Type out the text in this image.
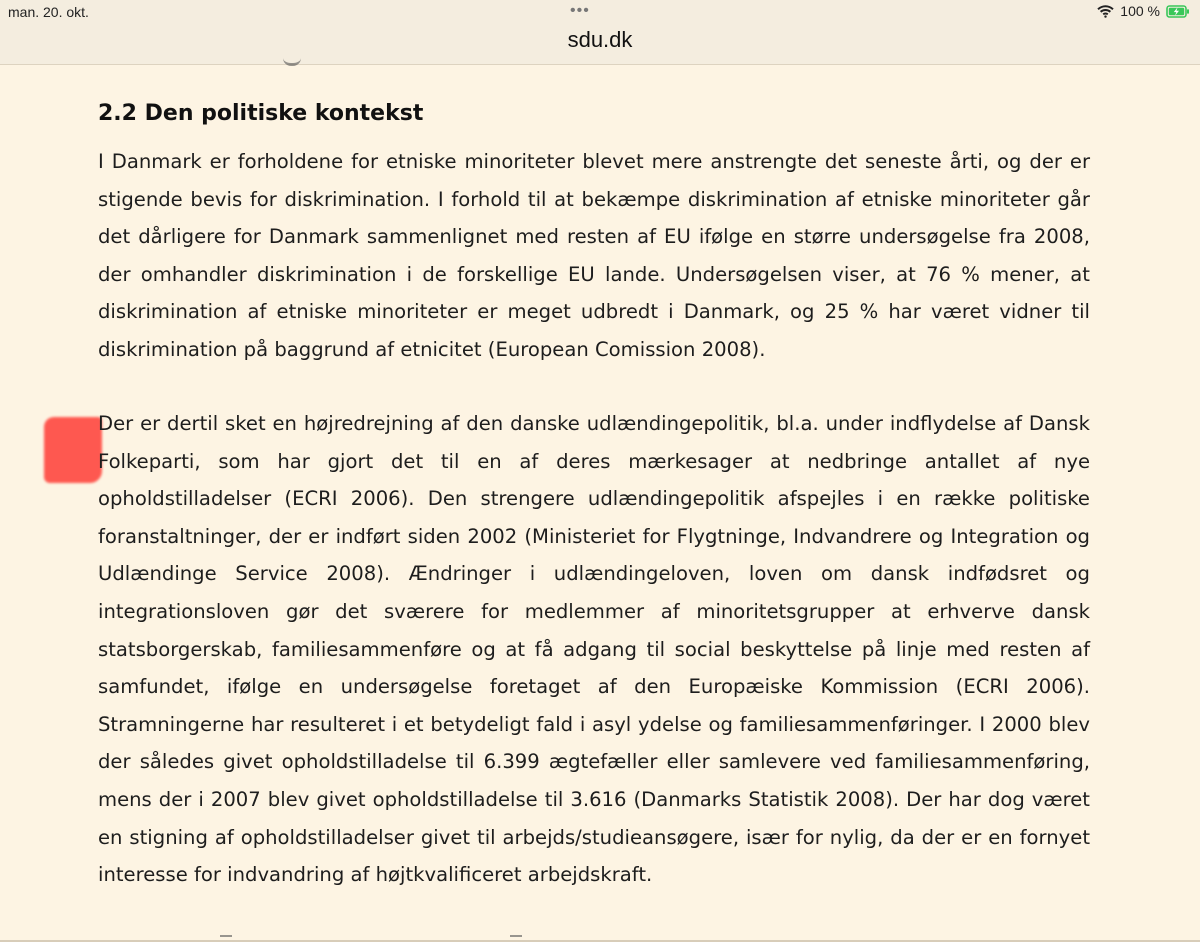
man. 20. okt.	•••	100 %
sdu.dk
2.2 Den politiske kontekst

I Danmark er forholdene for etniske minoriteter blevet mere anstrengte det seneste årti, og der er stigende bevis for diskrimination. I forhold til at bekæmpe diskrimination af etniske minoriteter går det dårligere for Danmark sammenlignet med resten af EU ifølge en større undersøgelse fra 2008, der omhandler diskrimination i de forskellige EU lande. Undersøgelsen viser, at 76 % mener, at diskrimination af etniske minoriteter er meget udbredt i Danmark, og 25 % har været vidner til diskrimination på baggrund af etnicitet (European Comission 2008).

Der er dertil sket en højredrejning af den danske udlændingepolitik, bl.a. under indflydelse af Dansk Folkeparti, som har gjort det til en af deres mærkesager at nedbringe antallet af nye opholdstilladelser (ECRI 2006). Den strengere udlændingepolitik afspejles i en række politiske foranstaltninger, der er indført siden 2002 (Ministeriet for Flygtninge, Indvandrere og Integration og Udlændinge Service 2008). Ændringer i udlændingeloven, loven om dansk indfødsret og integrationsloven gør det sværere for medlemmer af minoritetsgrupper at erhverve dansk statsborgerskab, familiesammenføre og at få adgang til social beskyttelse på linje med resten af samfundet, ifølge en undersøgelse foretaget af den Europæiske Kommission (ECRI 2006). Stramningerne har resulteret i et betydeligt fald i asyl ydelse og familiesammenføringer. I 2000 blev der således givet opholdstilladelse til 6.399 ægtefæller eller samlevere ved familiesammenføring, mens der i 2007 blev givet opholdstilladelse til 3.616 (Danmarks Statistik 2008). Der har dog været en stigning af opholdstilladelser givet til arbejds/studieansøgere, især for nylig, da der er en fornyet interesse for indvandring af højtkvalificeret arbejdskraft.
